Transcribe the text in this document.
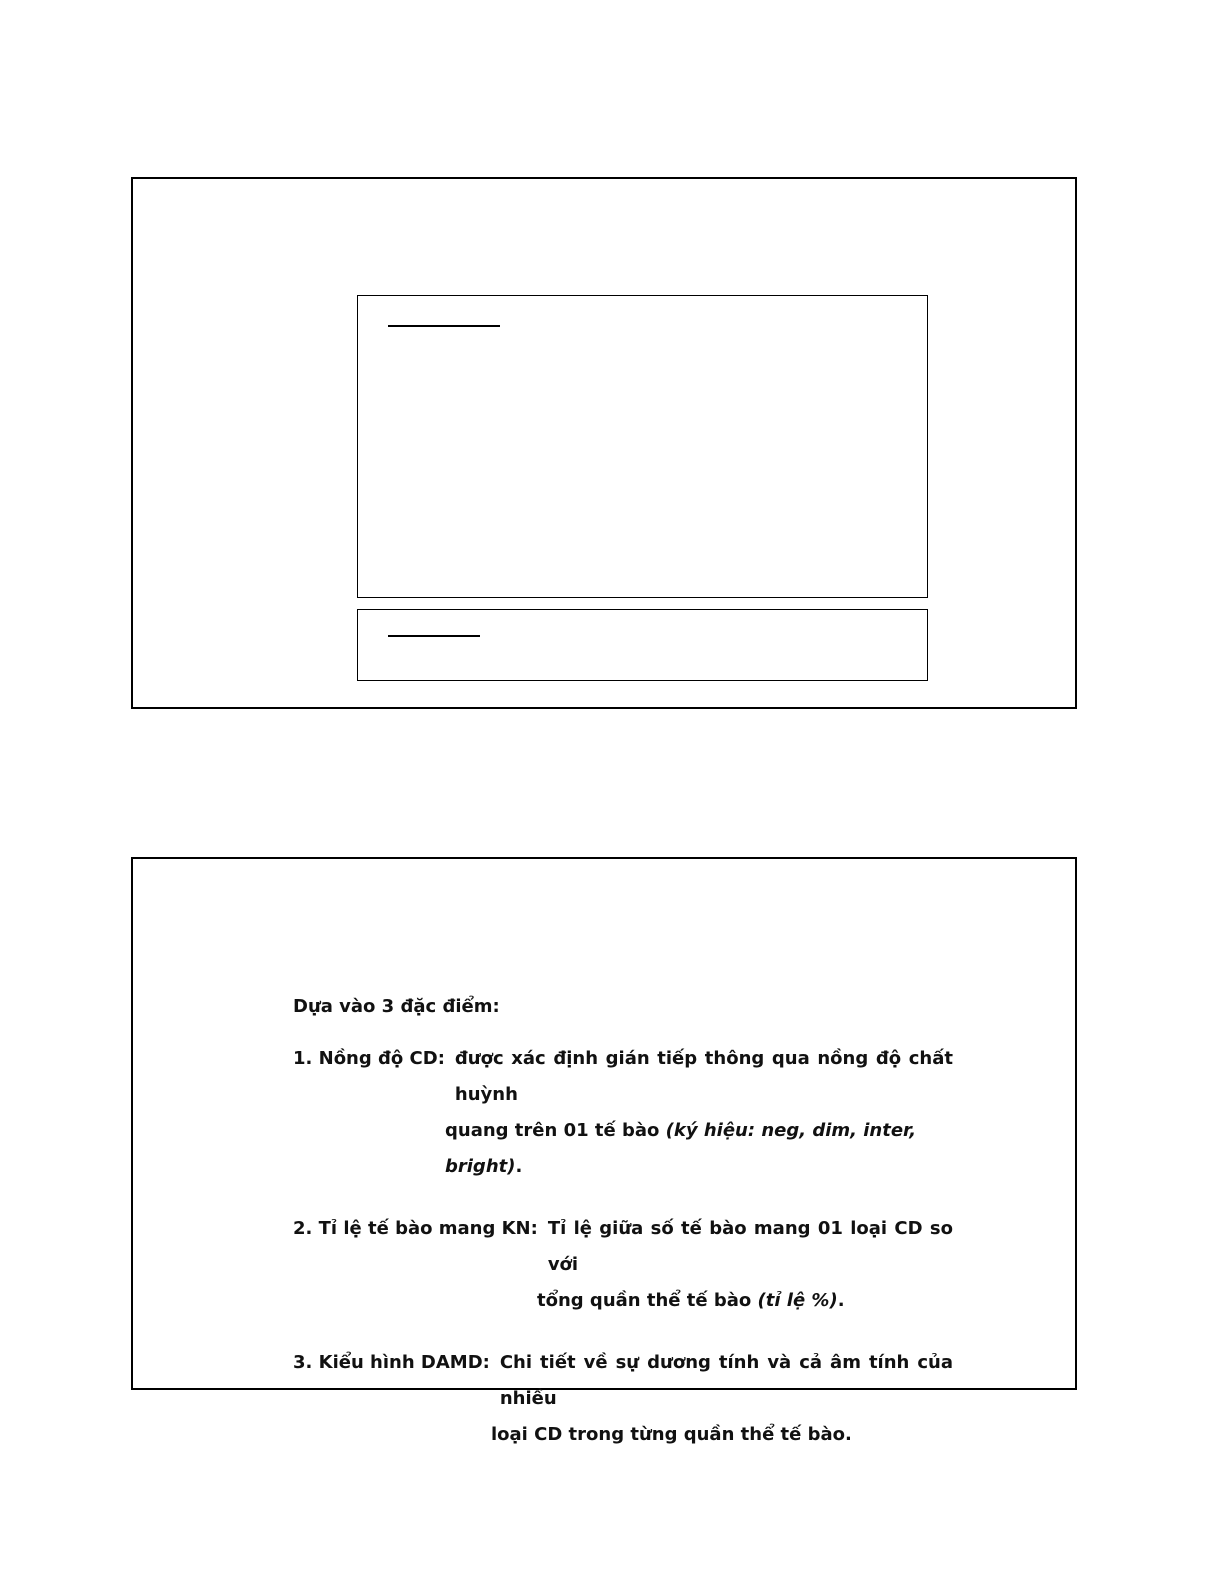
Dựa vào 3 đặc điểm:
1. Nồng độ CD: được xác định gián tiếp thông qua nồng độ chất huỳnh
quang trên 01 tế bào (ký hiệu: neg, dim, inter, bright).
2. Tỉ lệ tế bào mang KN: Tỉ lệ giữa số tế bào mang 01 loại CD so với
tổng quần thể tế bào (tỉ lệ %).
3. Kiểu hình DAMD: Chi tiết về sự dương tính và cả âm tính của nhiều
loại CD trong từng quần thể tế bào.
